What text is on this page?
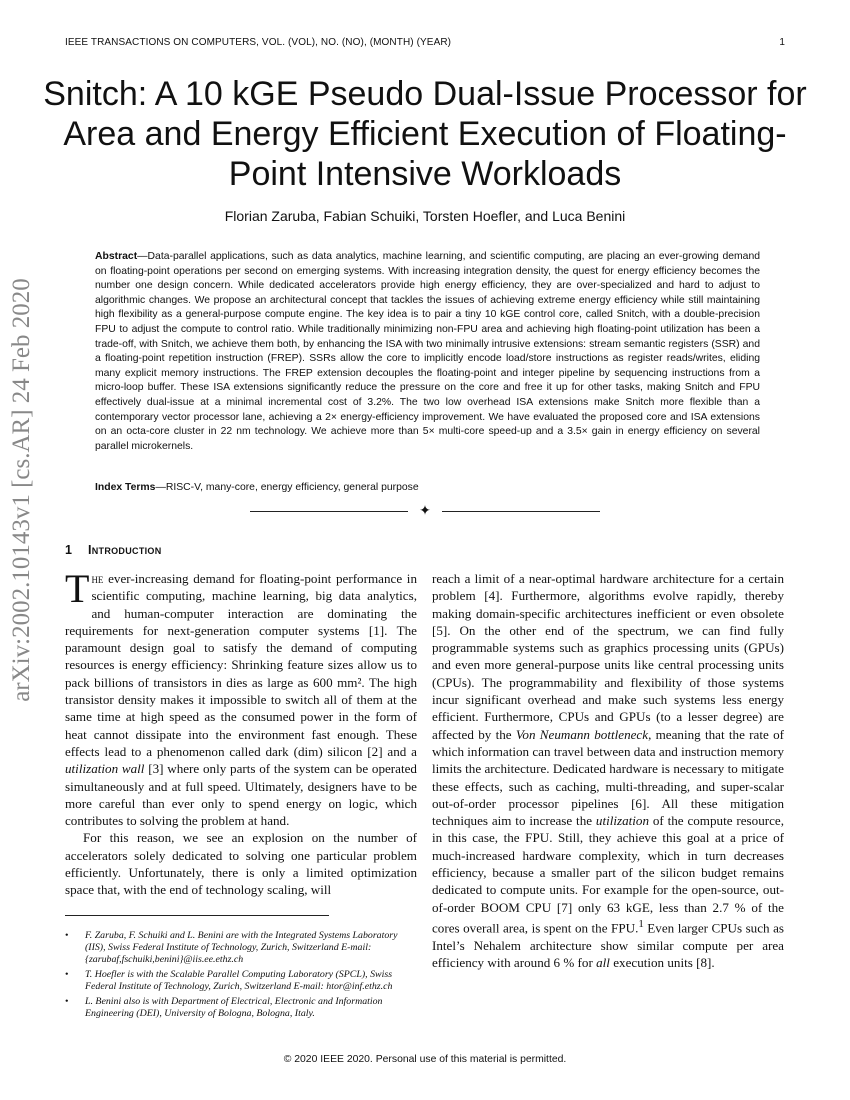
IEEE TRANSACTIONS ON COMPUTERS, VOL. (VOL), NO. (NO), (MONTH) (YEAR)	1
arXiv:2002.10143v1 [cs.AR] 24 Feb 2020
Snitch: A 10 kGE Pseudo Dual-Issue Processor for Area and Energy Efficient Execution of Floating-Point Intensive Workloads
Florian Zaruba, Fabian Schuiki, Torsten Hoefler, and Luca Benini
Abstract—Data-parallel applications, such as data analytics, machine learning, and scientific computing, are placing an ever-growing demand on floating-point operations per second on emerging systems. With increasing integration density, the quest for energy efficiency becomes the number one design concern. While dedicated accelerators provide high energy efficiency, they are over-specialized and hard to adjust to algorithmic changes. We propose an architectural concept that tackles the issues of achieving extreme energy efficiency while still maintaining high flexibility as a general-purpose compute engine. The key idea is to pair a tiny 10 kGE control core, called Snitch, with a double-precision FPU to adjust the compute to control ratio. While traditionally minimizing non-FPU area and achieving high floating-point utilization has been a trade-off, with Snitch, we achieve them both, by enhancing the ISA with two minimally intrusive extensions: stream semantic registers (SSR) and a floating-point repetition instruction (FREP). SSRs allow the core to implicitly encode load/store instructions as register reads/writes, eliding many explicit memory instructions. The FREP extension decouples the floating-point and integer pipeline by sequencing instructions from a micro-loop buffer. These ISA extensions significantly reduce the pressure on the core and free it up for other tasks, making Snitch and FPU effectively dual-issue at a minimal incremental cost of 3.2%. The two low overhead ISA extensions make Snitch more flexible than a contemporary vector processor lane, achieving a 2× energy-efficiency improvement. We have evaluated the proposed core and ISA extensions on an octa-core cluster in 22 nm technology. We achieve more than 5× multi-core speed-up and a 3.5× gain in energy efficiency on several parallel microkernels.
Index Terms—RISC-V, many-core, energy efficiency, general purpose
✦
1 Introduction

The ever-increasing demand for floating-point performance in scientific computing, machine learning, big data analytics, and human-computer interaction are dominating the requirements for next-generation computer systems [1]. The paramount design goal to satisfy the demand of computing resources is energy efficiency: Shrinking feature sizes allow us to pack billions of transistors in dies as large as 600 mm². The high transistor density makes it impossible to switch all of them at the same time at high speed as the consumed power in the form of heat cannot dissipate into the environment fast enough. These effects lead to a phenomenon called dark (dim) silicon [2] and a utilization wall [3] where only parts of the system can be operated simultaneously and at full speed. Ultimately, designers have to be more careful than ever only to spend energy on logic, which contributes to solving the problem at hand.

For this reason, we see an explosion on the number of accelerators solely dedicated to solving one particular problem efficiently. Unfortunately, there is only a limited optimization space that, with the end of technology scaling, will

reach a limit of a near-optimal hardware architecture for a certain problem [4]. Furthermore, algorithms evolve rapidly, thereby making domain-specific architectures inefficient or even obsolete [5]. On the other end of the spectrum, we can find fully programmable systems such as graphics processing units (GPUs) and even more general-purpose units like central processing units (CPUs). The programmability and flexibility of those systems incur significant overhead and make such systems less energy efficient. Furthermore, CPUs and GPUs (to a lesser degree) are affected by the Von Neumann bottleneck, meaning that the rate of which information can travel between data and instruction memory limits the architecture. Dedicated hardware is necessary to mitigate these effects, such as caching, multi-threading, and super-scalar out-of-order processor pipelines [6]. All these mitigation techniques aim to increase the utilization of the compute resource, in this case, the FPU. Still, they achieve this goal at a price of much-increased hardware complexity, which in turn decreases efficiency, because a smaller part of the silicon budget remains dedicated to compute units. For example for the open-source, out-of-order BOOM CPU [7] only 63 kGE, less than 2.7 % of the cores overall area, is spent on the FPU.$^1$ Even larger CPUs such as Intel’s Nehalem architecture show similar compute per area efficiency with around 6 % for all execution units [8].

• F. Zaruba, F. Schuiki and L. Benini are with the Integrated Systems Laboratory (IIS), Swiss Federal Institute of Technology, Zurich, Switzerland E-mail: {zarubaf,fschuiki,benini}@iis.ee.ethz.ch
• T. Hoefler is with the Scalable Parallel Computing Laboratory (SPCL), Swiss Federal Institute of Technology, Zurich, Switzerland E-mail: htor@inf.ethz.ch
• L. Benini also is with Department of Electrical, Electronic and Information Engineering (DEI), University of Bologna, Bologna, Italy.
© 2020 IEEE 2020. Personal use of this material is permitted.
